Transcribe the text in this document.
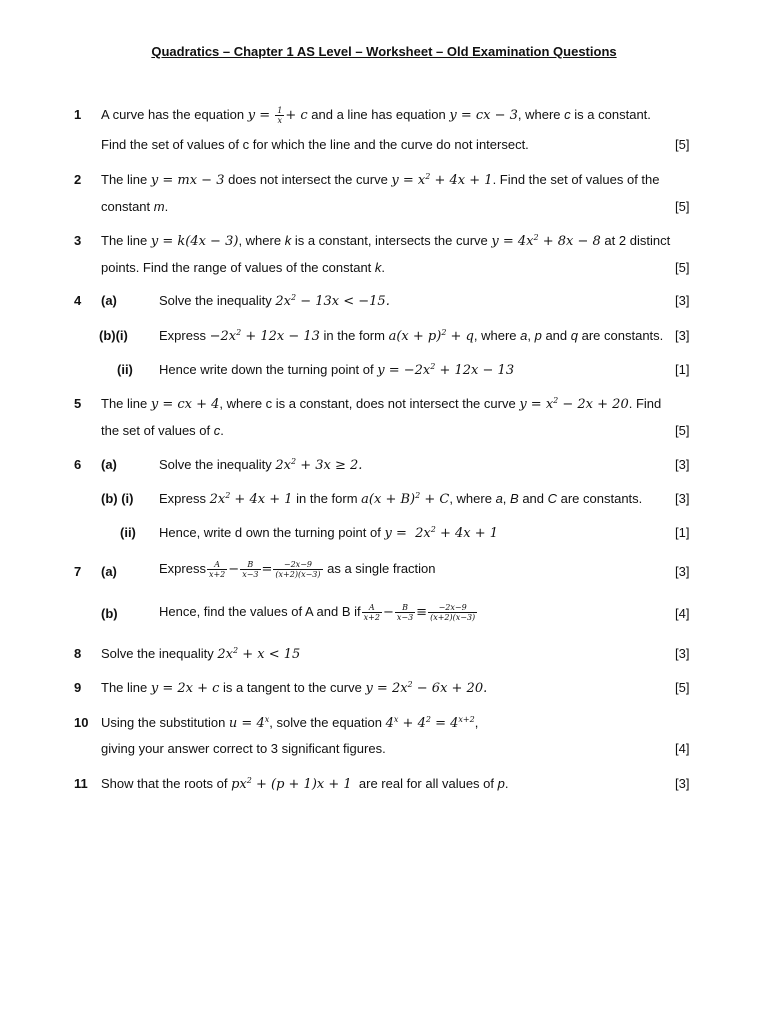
Quadratics – Chapter 1 AS Level – Worksheet – Old Examination Questions
1 A curve has the equation $y = \frac{1}{x} + c$ and a line has equation y = cx − 3, where c is a constant.
Find the set of values of c for which the line and the curve do not intersect.	[5]
2 The line y = mx − 3 does not intersect the curve $y = x^2 + 4x + 1$. Find the set of values of the
constant m.	[5]
3 The line y = k(4x − 3), where k is a constant, intersects the curve $y = 4x^2 + 8x - 8$ at 2 distinct
points. Find the range of values of the constant k.	[5]
4 (a)	Solve the inequality $2x^2 - 13x < -15$.	[3]
(b)(i) Express $-2x^2 + 12x - 13$ in the form $a(x + p)^2 + q$, where a, p and q are constants. [3]
(ii) Hence write down the turning point of $y = -2x^2 + 12x - 13$	[1]
5 The line y = cx + 4, where c is a constant, does not intersect the curve $y = x^2 - 2x + 20$. Find
the set of values of c.	[5]
6 (a)	Solve the inequality $2x^2 + 3x \ge 2$.	[3]
(b) (i) Express $2x^2 + 4x + 1$ in the form $a(x + B)^2 + C$, where a, B and C are constants.	[3]
(ii) Hence, write d own the turning point of $y = 2x^2 + 4x + 1$	[1]
7 (a)	Express $\frac{A}{x+2} - \frac{B}{x-3} = \frac{-2x-9}{(x+2)(x-3)}$ as a single fraction	[3]
(b)	Hence, find the values of A and B if $\frac{A}{x+2} - \frac{B}{x-3} \equiv \frac{-2x-9}{(x+2)(x-3)}$	[4]
8 Solve the inequality $2x^2 + x < 15$	[3]
9 The line y = 2x + c is a tangent to the curve $y = 2x^2 - 6x + 20$.	[5]
10 Using the substitution $u = 4^x$, solve the equation $4^x + 4^2 = 4^{x+2}$,
giving your answer correct to 3 significant figures.	[4]
11 Show that the roots of $px^2 + (p + 1)x + 1$ are real for all values of p.	[3]
